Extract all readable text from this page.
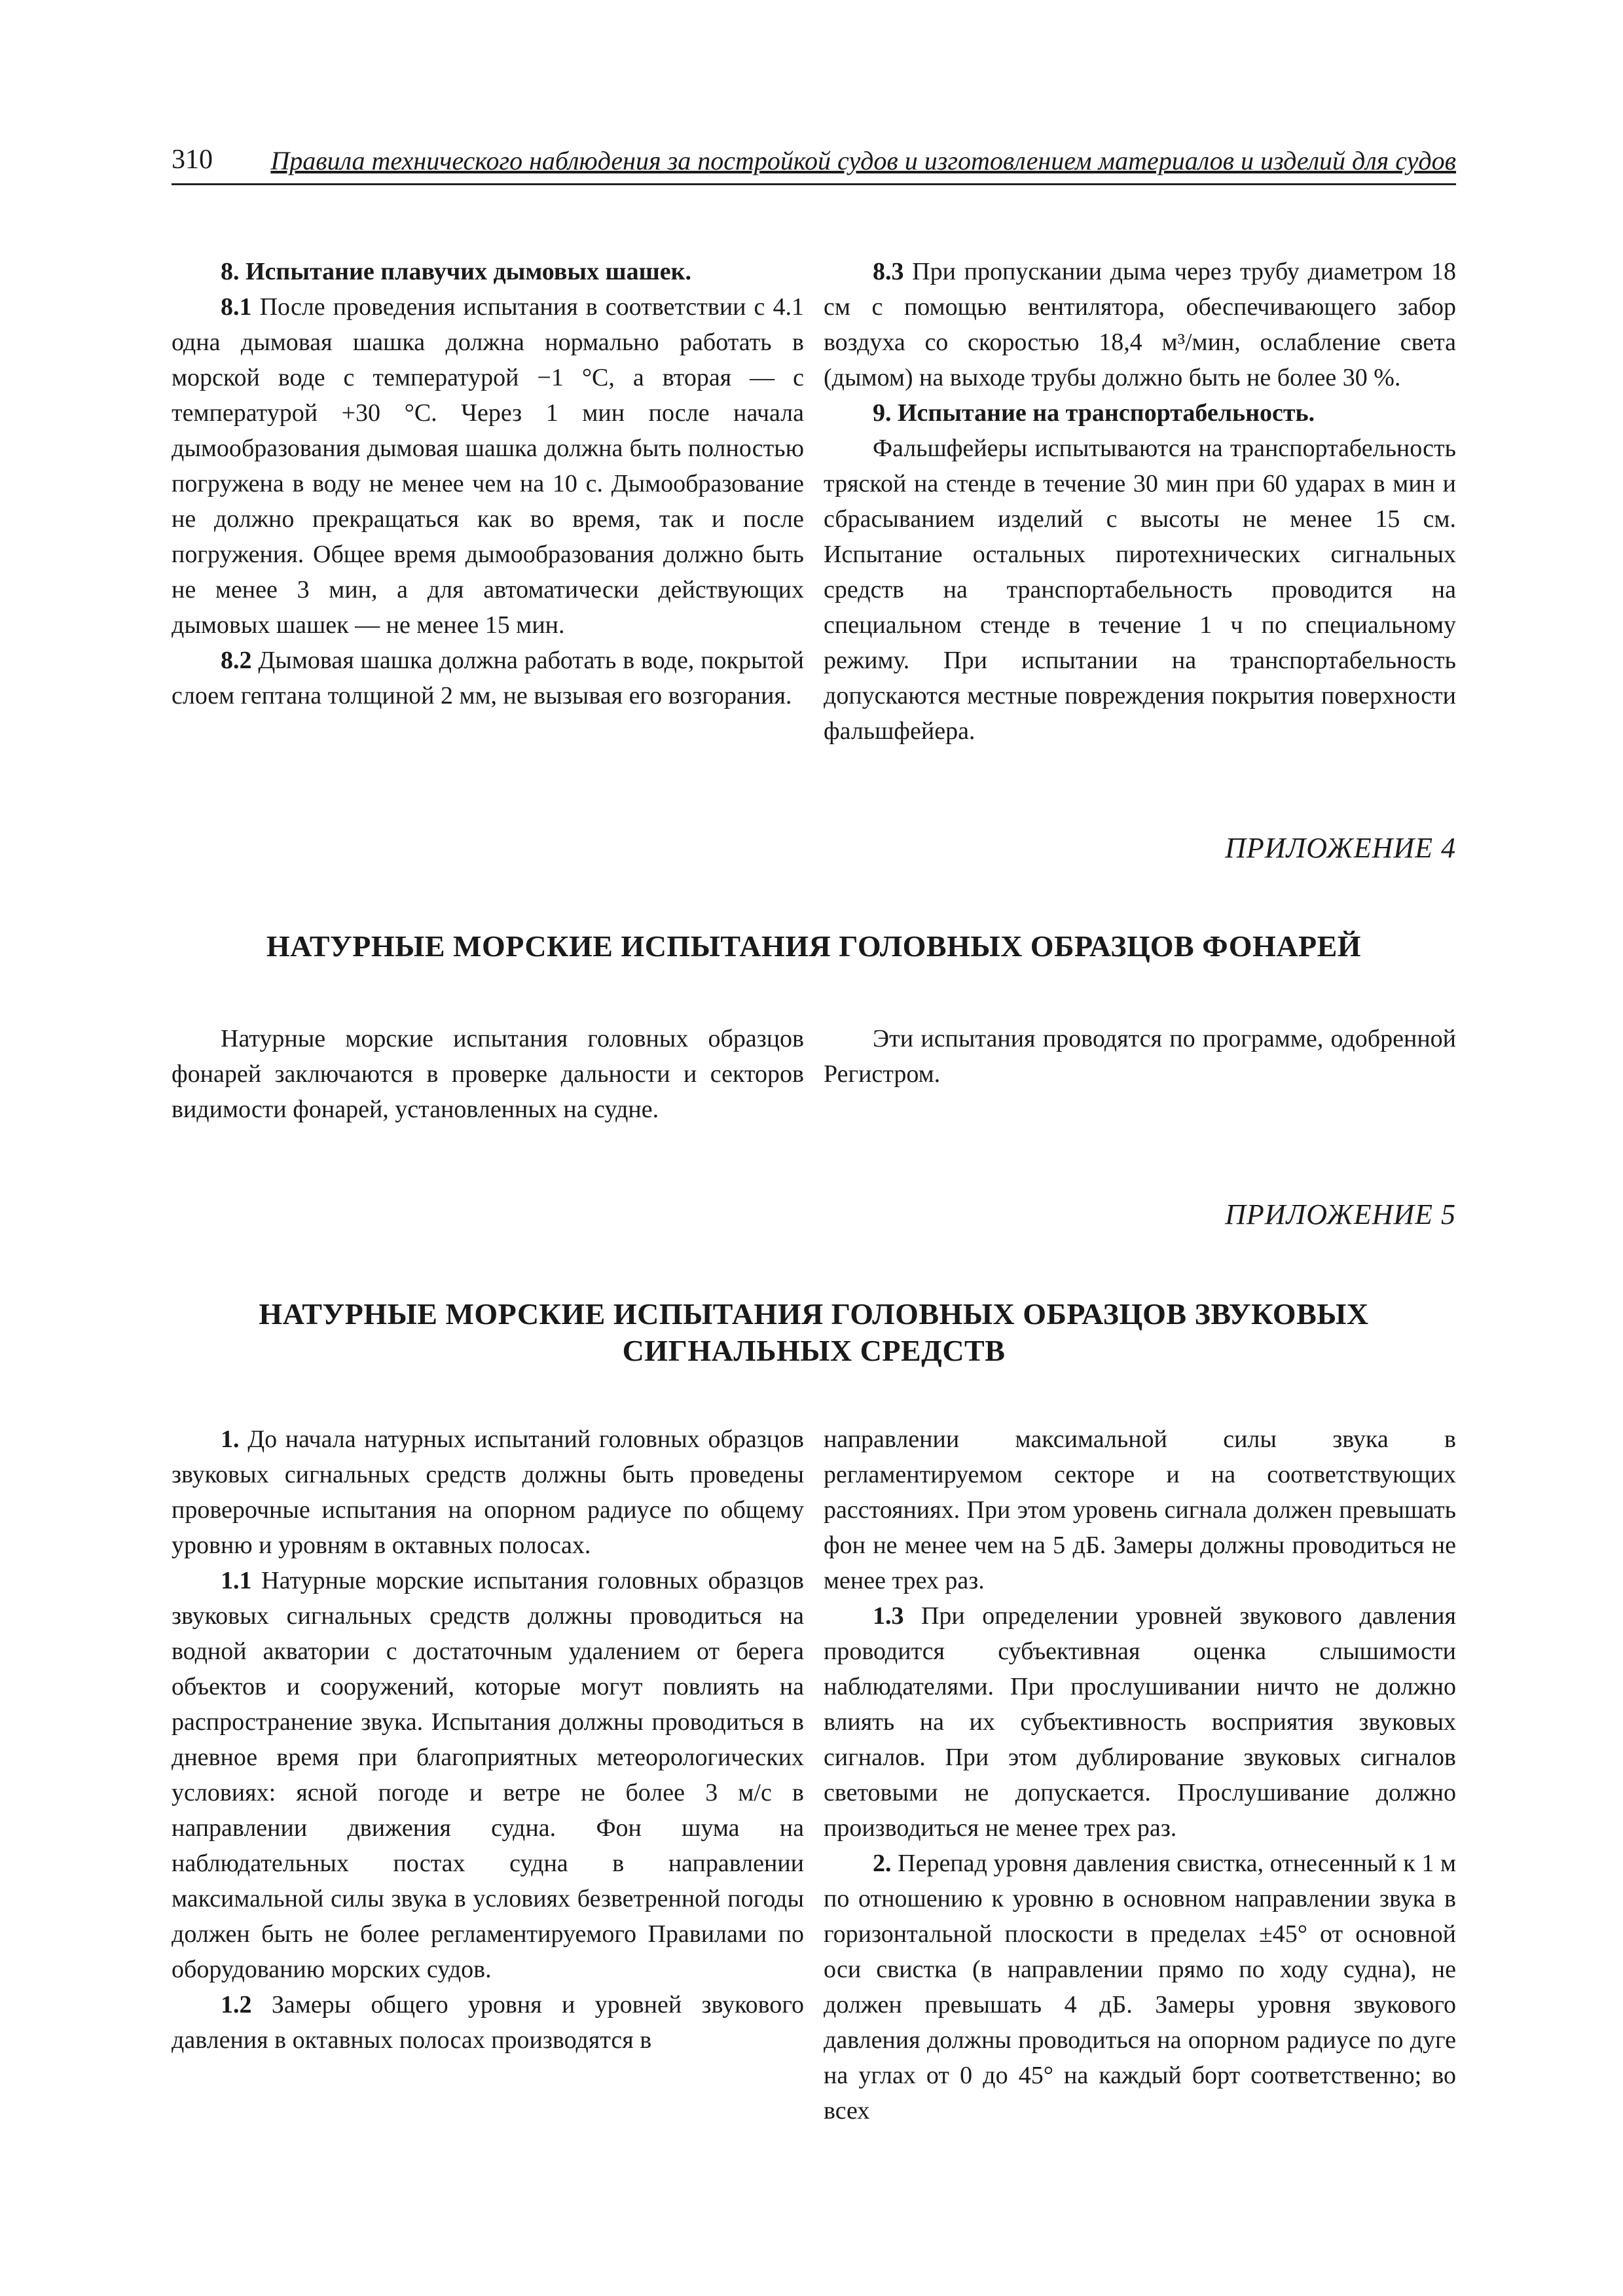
310 Правила технического наблюдения за постройкой судов и изготовлением материалов и изделий для судов

8. Испытание плавучих дымовых шашек.

8.1 После проведения испытания в соответствии с 4.1 одна дымовая шашка должна нормально работать в морской воде с температурой −1 °С, а вторая — с температурой +30 °С. Через 1 мин после начала дымообразования дымовая шашка должна быть полностью погружена в воду не менее чем на 10 с. Дымообразование не должно прекращаться как во время, так и после погружения. Общее время дымообразования должно быть не менее 3 мин, а для автоматически действующих дымовых шашек — не менее 15 мин.

8.2 Дымовая шашка должна работать в воде, покрытой слоем гептана толщиной 2 мм, не вызывая его возгорания.

8.3 При пропускании дыма через трубу диаметром 18 см с помощью вентилятора, обеспечивающего забор воздуха со скоростью 18,4 м³/мин, ослабление света (дымом) на выходе трубы должно быть не более 30 %.

9. Испытание на транспортабельность.

Фальшфейеры испытываются на транспортабельность тряской на стенде в течение 30 мин при 60 ударах в мин и сбрасыванием изделий с высоты не менее 15 см. Испытание остальных пиротехнических сигнальных средств на транспортабельность проводится на специальном стенде в течение 1 ч по специальному режиму. При испытании на транспортабельность допускаются местные повреждения покрытия поверхности фальшфейера.

ПРИЛОЖЕНИЕ 4
НАТУРНЫЕ МОРСКИЕ ИСПЫТАНИЯ ГОЛОВНЫХ ОБРАЗЦОВ ФОНАРЕЙ

Натурные морские испытания головных образцов фонарей заключаются в проверке дальности и секторов видимости фонарей, установленных на судне.

Эти испытания проводятся по программе, одобренной Регистром.

ПРИЛОЖЕНИЕ 5
НАТУРНЫЕ МОРСКИЕ ИСПЫТАНИЯ ГОЛОВНЫХ ОБРАЗЦОВ ЗВУКОВЫХ
СИГНАЛЬНЫХ СРЕДСТВ

1. До начала натурных испытаний головных образцов звуковых сигнальных средств должны быть проведены проверочные испытания на опорном радиусе по общему уровню и уровням в октавных полосах.

1.1 Натурные морские испытания головных образцов звуковых сигнальных средств должны проводиться на водной акватории с достаточным удалением от берега объектов и сооружений, которые могут повлиять на распространение звука. Испытания должны проводиться в дневное время при благоприятных метеорологических условиях: ясной погоде и ветре не более 3 м/с в направлении движения судна. Фон шума на наблюдательных постах судна в направлении максимальной силы звука в условиях безветренной погоды должен быть не более регламентируемого Правилами по оборудованию морских судов.

1.2 Замеры общего уровня и уровней звукового давления в октавных полосах производятся в

направлении максимальной силы звука в регламентируемом секторе и на соответствующих расстояниях. При этом уровень сигнала должен превышать фон не менее чем на 5 дБ. Замеры должны проводиться не менее трех раз.

1.3 При определении уровней звукового давления проводится субъективная оценка слышимости наблюдателями. При прослушивании ничто не должно влиять на их субъективность восприятия звуковых сигналов. При этом дублирование звуковых сигналов световыми не допускается. Прослушивание должно производиться не менее трех раз.

2. Перепад уровня давления свистка, отнесенный к 1 м по отношению к уровню в основном направлении звука в горизонтальной плоскости в пределах ±45° от основной оси свистка (в направлении прямо по ходу судна), не должен превышать 4 дБ. Замеры уровня звукового давления должны проводиться на опорном радиусе по дуге на углах от 0 до 45° на каждый борт соответственно; во всех
